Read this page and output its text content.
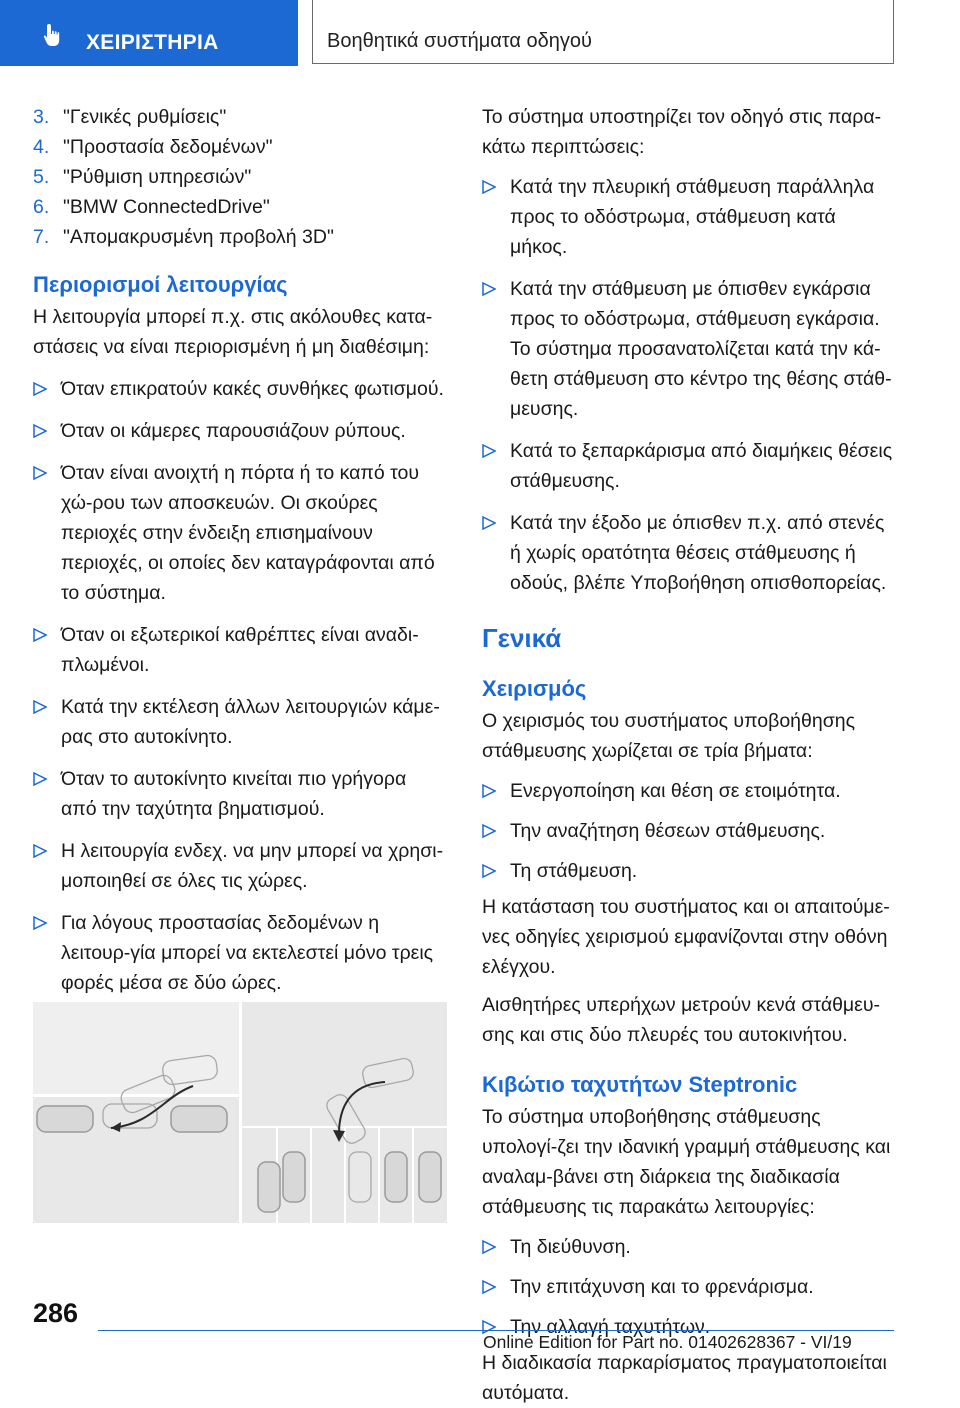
ΧΕΙΡΙΣΤΗΡΙΑ	Βοηθητικά συστήματα οδηγού
3. "Γενικές ρυθμίσεις"
4. "Προστασία δεδομένων"
5. "Ρύθμιση υπηρεσιών"
6. "BMW ConnectedDrive"
7. "Απομακρυσμένη προβολή 3D"
Περιορισμοί λειτουργίας

Η λειτουργία μπορεί π.χ. στις ακόλουθες κατα-στάσεις να είναι περιορισμένη ή μη διαθέσιμη:

Όταν επικρατούν κακές συνθήκες φωτισμού.
Όταν οι κάμερες παρουσιάζουν ρύπους.
Όταν είναι ανοιχτή η πόρτα ή το καπό του χώ-ρου των αποσκευών. Οι σκούρες περιοχές στην ένδειξη επισημαίνουν περιοχές, οι οποίες δεν καταγράφονται από το σύστημα.
Όταν οι εξωτερικοί καθρέπτες είναι αναδι-πλωμένοι.
Κατά την εκτέλεση άλλων λειτουργιών κάμε-ρας στο αυτοκίνητο.
Όταν το αυτοκίνητο κινείται πιο γρήγορα από την ταχύτητα βηματισμού.
Η λειτουργία ενδεχ. να μην μπορεί να χρησι-μοποιηθεί σε όλες τις χώρες.
Για λόγους προστασίας δεδομένων η λειτουρ-γία μπορεί να εκτελεστεί μόνο τρεις φορές μέσα σε δύο ώρες.

Το σύστημα υποστηρίζει τον οδηγό στις παρα-κάτω περιπτώσεις:

Κατά την πλευρική στάθμευση παράλληλα προς το οδόστρωμα, στάθμευση κατά μήκος.
Κατά την στάθμευση με όπισθεν εγκάρσια προς το οδόστρωμα, στάθμευση εγκάρσια. Το σύστημα προσανατολίζεται κατά την κά-θετη στάθμευση στο κέντρο της θέσης στάθ-μευσης.
Κατά το ξεπαρκάρισμα από διαμήκεις θέσεις στάθμευσης.
Κατά την έξοδο με όπισθεν π.χ. από στενές ή χωρίς ορατότητα θέσεις στάθμευσης ή οδούς, βλέπε Υποβοήθηση οπισθοπορείας.
Γενικά
Χειρισμός

Ο χειρισμός του συστήματος υποβοήθησης στάθμευσης χωρίζεται σε τρία βήματα:

Ενεργοποίηση και θέση σε ετοιμότητα.
Την αναζήτηση θέσεων στάθμευσης.
Τη στάθμευση.

Η κατάσταση του συστήματος και οι απαιτούμε-νες οδηγίες χειρισμού εμφανίζονται στην οθόνη ελέγχου.

Αισθητήρες υπερήχων μετρούν κενά στάθμευ-σης και στις δύο πλευρές του αυτοκινήτου.

Κιβώτιο ταχυτήτων Steptronic

Το σύστημα υποβοήθησης στάθμευσης υπολογί-ζει την ιδανική γραμμή στάθμευσης και αναλαμ-βάνει στη διάρκεια της διαδικασία στάθμευσης τις παρακάτω λειτουργίες:

Τη διεύθυνση.
Την επιτάχυνση και το φρενάρισμα.
Την αλλαγή ταχυτήτων.

Η διαδικασία παρκαρίσματος πραγματοποιείται αυτόματα.

286
Online Edition for Part no. 01402628367 - VI/19
